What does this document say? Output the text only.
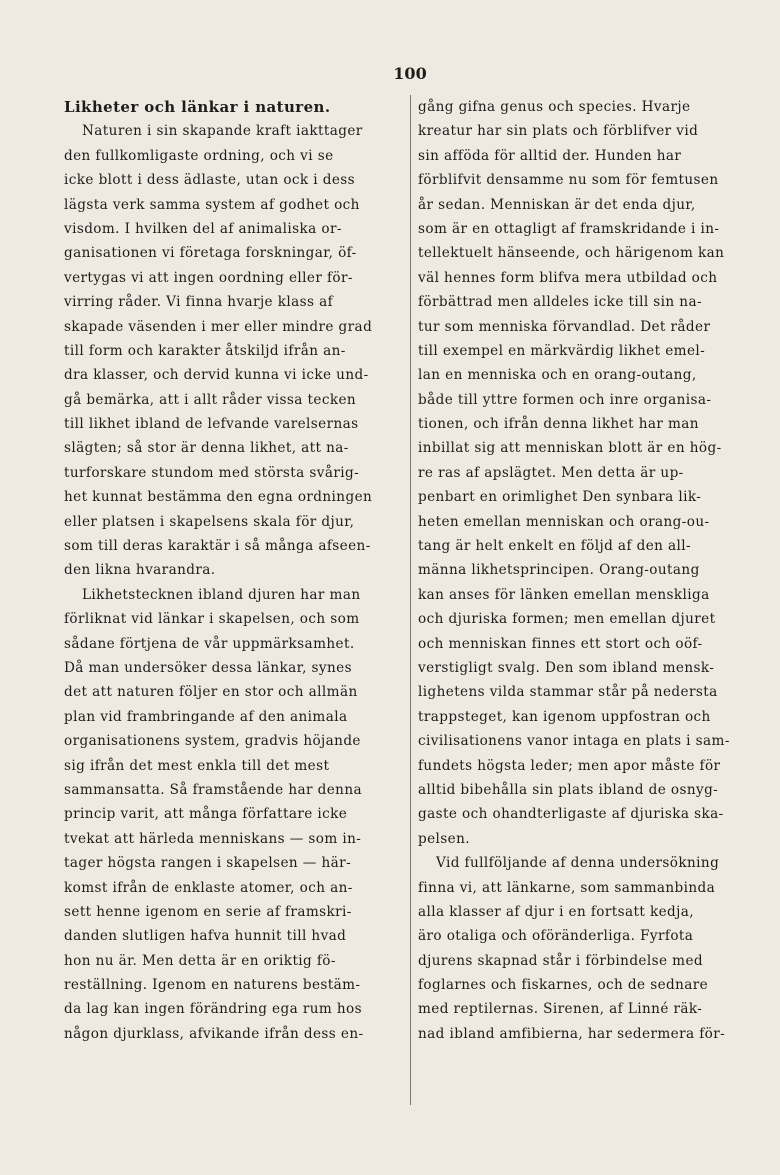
100
Likheter och länkar i naturen.
Naturen i sin skapande kraft iakttager
den fullkomligaste ordning, och vi se
icke blott i dess ädlaste, utan ock i dess
lägsta verk samma system af godhet och
visdom. I hvilken del af animaliska or-
ganisationen vi företaga forskningar, öf-
vertygas vi att ingen oordning eller för-
virring råder. Vi finna hvarje klass af
skapade väsenden i mer eller mindre grad
till form och karakter åtskiljd ifrån an-
dra klasser, och dervid kunna vi icke und-
gå bemärka, att i allt råder vissa tecken
till likhet ibland de lefvande varelsernas
slägten; så stor är denna likhet, att na-
turforskare stundom med största svårig-
het kunnat bestämma den egna ordningen
eller platsen i skapelsens skala för djur,
som till deras karaktär i så många afseen-
den likna hvarandra.
Likhetstecknen ibland djuren har man
förliknat vid länkar i skapelsen, och som
sådane förtjena de vår uppmärksamhet.
Då man undersöker dessa länkar, synes
det att naturen följer en stor och allmän
plan vid frambringande af den animala
organisationens system, gradvis höjande
sig ifrån det mest enkla till det mest
sammansatta. Så framstående har denna
princip varit, att många författare icke
tvekat att härleda menniskans — som in-
tager högsta rangen i skapelsen — här-
komst ifrån de enklaste atomer, och an-
sett henne igenom en serie af framskri-
danden slutligen hafva hunnit till hvad
hon nu är. Men detta är en oriktig fö-
reställning. Igenom en naturens bestäm-
da lag kan ingen förändring ega rum hos
någon djurklass, afvikande ifrån dess en-
gång gifna genus och species. Hvarje
kreatur har sin plats och förblifver vid
sin afföda för alltid der. Hunden har
förblifvit densamme nu som för femtusen
år sedan. Menniskan är det enda djur,
som är en ottagligt af framskridande i in-
tellektuelt hänseende, och härigenom kan
väl hennes form blifva mera utbildad och
förbättrad men alldeles icke till sin na-
tur som menniska förvandlad. Det råder
till exempel en märkvärdig likhet emel-
lan en menniska och en orang-outang,
både till yttre formen och inre organisa-
tionen, och ifrån denna likhet har man
inbillat sig att menniskan blott är en hög-
re ras af apslägtet. Men detta är up-
penbart en orimlighet Den synbara lik-
heten emellan menniskan och orang-ou-
tang är helt enkelt en följd af den all-
männa likhetsprincipen. Orang-outang
kan anses för länken emellan menskliga
och djuriska formen; men emellan djuret
och menniskan finnes ett stort och oöf-
verstigligt svalg. Den som ibland mensk-
lighetens vilda stammar står på nedersta
trappsteget, kan igenom uppfostran och
civilisationens vanor intaga en plats i sam-
fundets högsta leder; men apor måste för
alltid bibehålla sin plats ibland de osnyg-
gaste och ohandterligaste af djuriska ska-
pelsen.
Vid fullföljande af denna undersökning
finna vi, att länkarne, som sammanbinda
alla klasser af djur i en fortsatt kedja,
äro otaliga och oföränderliga. Fyrfota
djurens skapnad står i förbindelse med
foglarnes och fiskarnes, och de sednare
med reptilernas. Sirenen, af Linné räk-
nad ibland amfibierna, har sedermera för-
